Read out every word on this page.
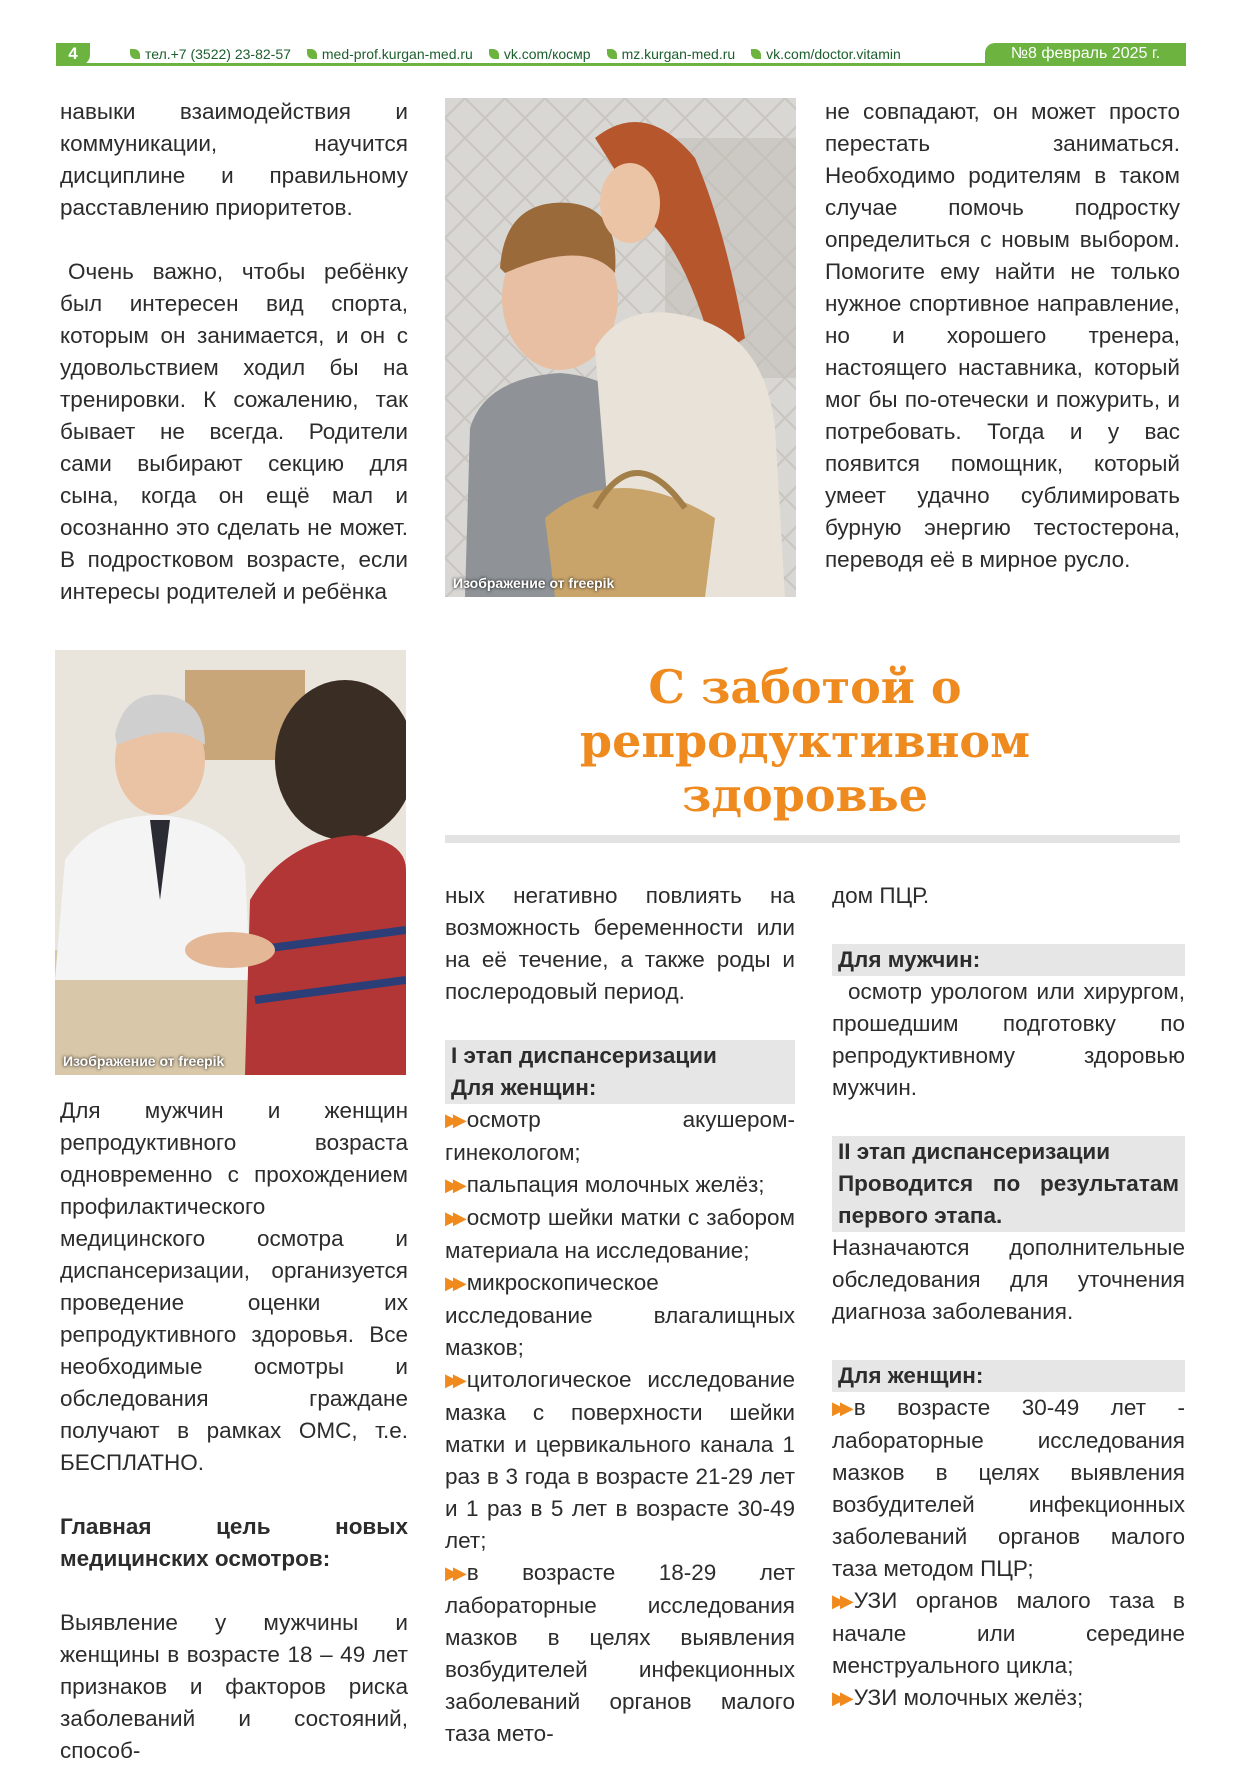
4	тел.+7 (3522) 23-82-57 med-prof.kurgan-med.ru vk.com/космр mz.kurgan-med.ru vk.com/doctor.vitamin	№8 февраль 2025 г.

навыки взаимодействия и коммуникации, научится дисциплине и правильному расставлению приоритетов.

Очень важно, чтобы ребёнку был интересен вид спорта, которым он занимается, и он с удовольствием ходил бы на тренировки. К сожалению, так бывает не всегда. Родители сами выбирают секцию для сына, когда он ещё мал и осознанно это сделать не может. В подростковом возрасте, если интересы родителей и ребёнка	Изображение от freepik

не совпадают, он может просто перестать заниматься. Необходимо родителям в таком случае помочь подростку определиться с новым выбором. Помогите ему найти не только нужное спортивное направление, но и хорошего тренера, настоящего наставника, который мог бы по-отечески и пожурить, и потребовать. Тогда и у вас появится помощник, который умеет удачно сублимировать бурную энергию тестостерона, переводя её в мирное русло.

Изображение от freepik
С заботой о
репродуктивном
здоровье

Для мужчин и женщин репродуктивного возраста одновременно с прохождением профилактического медицинского осмотра и диспансеризации, организуется проведение оценки их репродуктивного здоровья. Все необходимые осмотры и обследования граждане получают в рамках ОМС, т.е. БЕСПЛАТНО.

Главная цель новых медицинских осмотров:

Выявление у мужчины и женщины в возрасте 18 – 49 лет признаков и факторов риска заболеваний и состояний, способ-

ных негативно повлиять на возможность беременности или на её течение, а также роды и послеродовый период.

I этап диспансеризации

Для женщин:

▶▶ осмотр акушером- гинекологом;

▶▶ пальпация молочных желёз;

▶▶ осмотр шейки матки с забором материала на исследование;

▶▶ микроскопическое исследование влагалищных мазков;

▶▶ цитологическое исследование мазка с поверхности шейки матки и цервикального канала 1 раз в 3 года в возрасте 21-29 лет и 1 раз в 5 лет в возрасте 30-49 лет;

▶▶ в возрасте 18-29 лет лабораторные исследования мазков в целях выявления возбудителей инфекционных заболеваний органов малого таза мето-

дом ПЦР.

Для мужчин:

осмотр урологом или хирургом, прошедшим подготовку по репродуктивному здоровью мужчин.

II этап диспансеризации

Проводится по результатам первого этапа.

Назначаются дополнительные обследования для уточнения диагноза заболевания.

Для женщин:

▶▶ в возрасте 30-49 лет - лабораторные исследования мазков в целях выявления возбудителей инфекционных заболеваний органов малого таза методом ПЦР;

▶▶ УЗИ органов малого таза в начале или середине менструального цикла;

▶▶ УЗИ молочных желёз;
